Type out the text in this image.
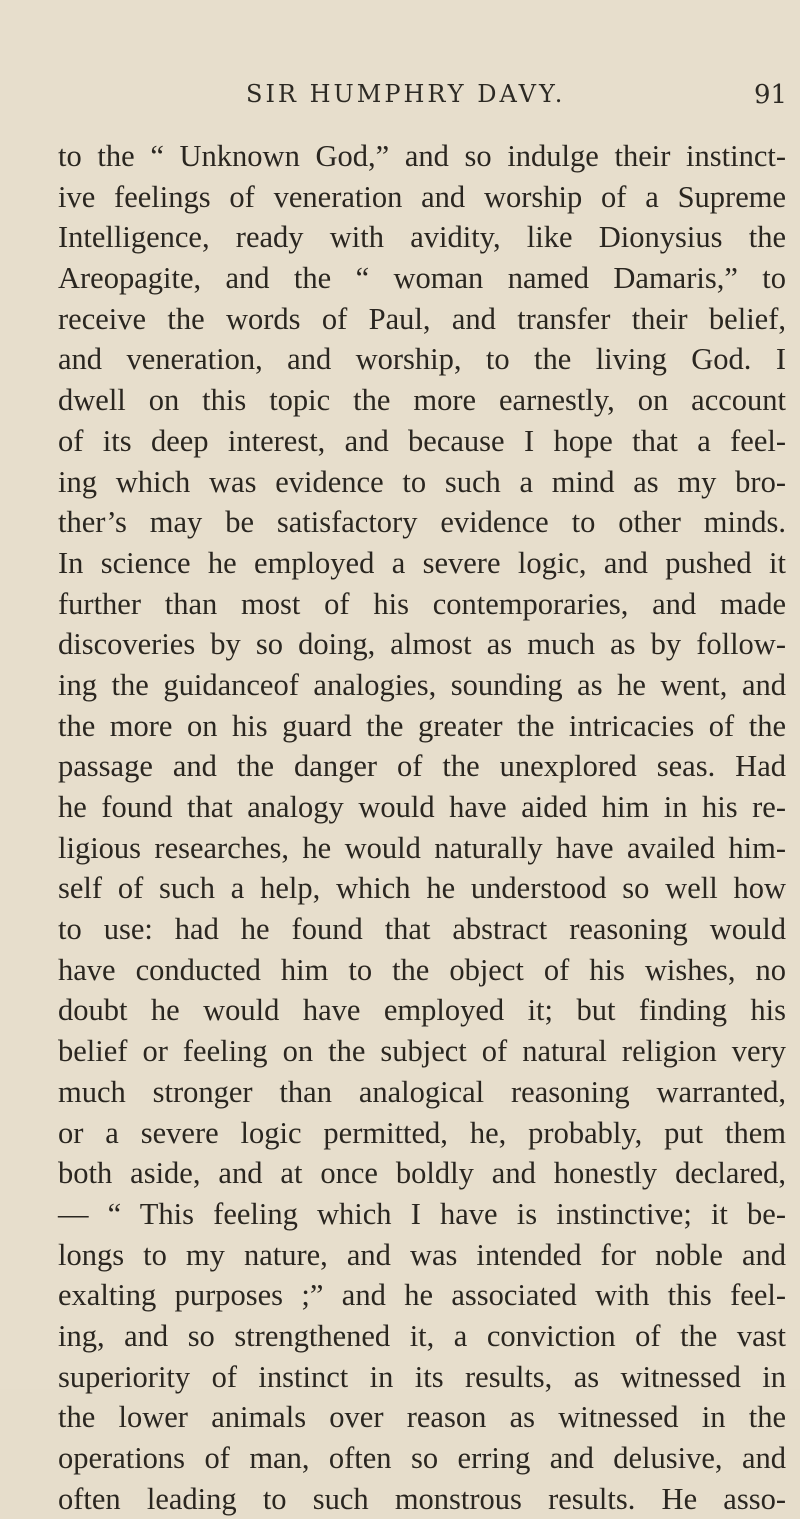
SIR HUMPHRY DAVY.	91
to the “ Unknown God,” and so indulge their instinct-
ive feelings of veneration and worship of a Supreme
Intelligence, ready with avidity, like Dionysius the
Areopagite, and the “ woman named Damaris,” to
receive the words of Paul, and transfer their belief,
and veneration, and worship, to the living God. I
dwell on this topic the more earnestly, on account
of its deep interest, and because I hope that a feel-
ing which was evidence to such a mind as my bro-
ther’s may be satisfactory evidence to other minds.
In science he employed a severe logic, and pushed it
further than most of his contemporaries, and made
discoveries by so doing, almost as much as by follow-
ing the guidanceof analogies, sounding as he went, and
the more on his guard the greater the intricacies of the
passage and the danger of the unexplored seas. Had
he found that analogy would have aided him in his re-
ligious researches, he would naturally have availed him-
self of such a help, which he understood so well how
to use: had he found that abstract reasoning would
have conducted him to the object of his wishes, no
doubt he would have employed it; but finding his
belief or feeling on the subject of natural religion very
much stronger than analogical reasoning warranted,
or a severe logic permitted, he, probably, put them
both aside, and at once boldly and honestly declared,
— “ This feeling which I have is instinctive; it be-
longs to my nature, and was intended for noble and
exalting purposes ;” and he associated with this feel-
ing, and so strengthened it, a conviction of the vast
superiority of instinct in its results, as witnessed in
the lower animals over reason as witnessed in the
operations of man, often so erring and delusive, and
often leading to such monstrous results. He asso-
